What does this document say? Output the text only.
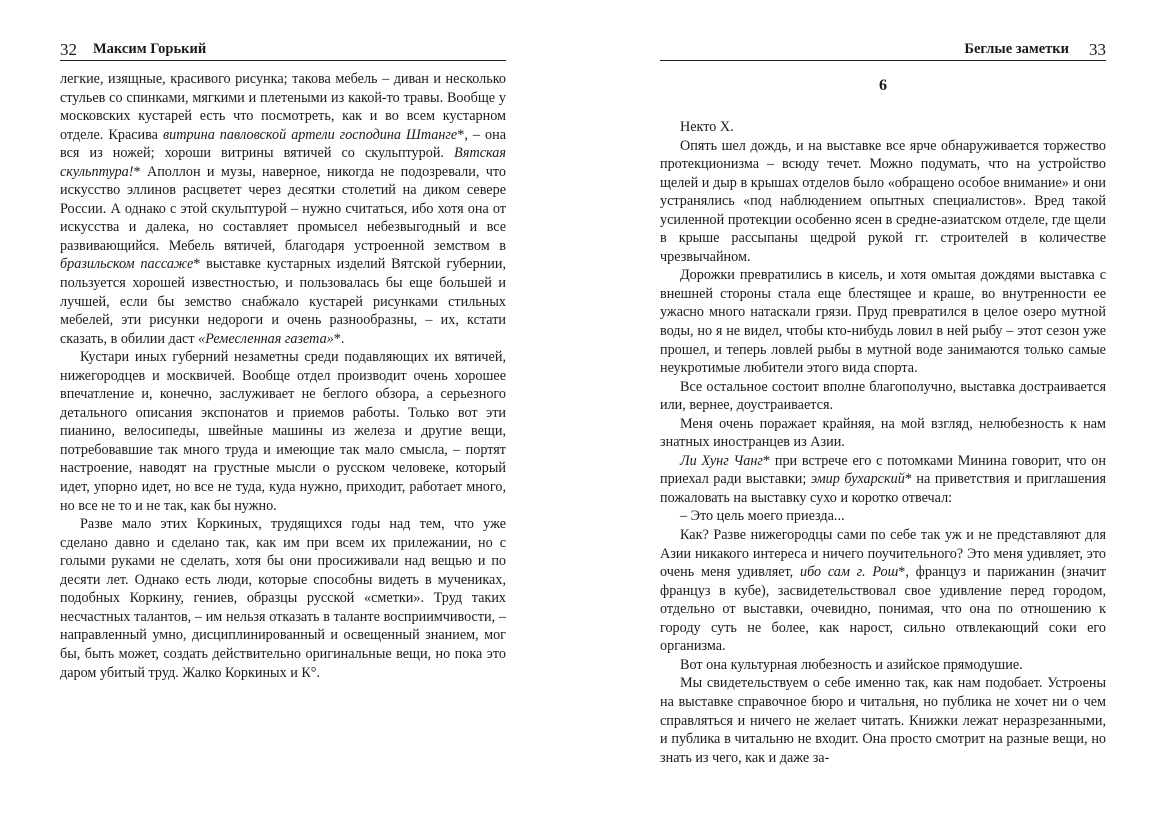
32 Максим Горький

легкие, изящные, красивого рисунка; такова мебель – диван и несколько стульев со спинками, мягкими и плетеными из какой-то травы. Вообще у московских кустарей есть что посмотреть, как и во всем кустарном отделе. Красива витрина павловской артели господина Штанге*, – она вся из ножей; хороши витрины вятичей со скульптурой. Вятская скульптура!* Аполлон и музы, наверное, никогда не подозревали, что искусство эллинов расцветет через десятки столетий на диком севере России. А однако с этой скульптурой – нужно считаться, ибо хотя она от искусства и далека, но составляет промысел небезвыгодный и все развивающийся. Мебель вятичей, благодаря устроенной земством в бразильском пассаже* выставке кустарных изделий Вятской губернии, пользуется хорошей известностью, и пользовалась бы еще большей и лучшей, если бы земство снабжало кустарей рисунками стильных мебелей, эти рисунки недороги и очень разнообразны, – их, кстати сказать, в обилии даст «Ремесленная газета»*.

Кустари иных губерний незаметны среди подавляющих их вятичей, нижегородцев и москвичей. Вообще отдел производит очень хорошее впечатление и, конечно, заслуживает не беглого обзора, а серьезного детального описания экспонатов и приемов работы. Только вот эти пианино, велосипеды, швейные машины из железа и другие вещи, потребовавшие так много труда и имеющие так мало смысла, – портят настроение, наводят на грустные мысли о русском человеке, который идет, упорно идет, но все не туда, куда нужно, приходит, работает много, но все не то и не так, как бы нужно.

Разве мало этих Коркиных, трудящихся годы над тем, что уже сделано давно и сделано так, как им при всем их прилежании, но с голыми руками не сделать, хотя бы они просиживали над вещью и по десяти лет. Однако есть люди, которые способны видеть в мучениках, подобных Коркину, гениев, образцы русской «сметки». Труд таких несчастных талантов, – им нельзя отказать в таланте восприимчивости, – направленный умно, дисциплинированный и освещенный знанием, мог бы, быть может, создать действительно оригинальные вещи, но пока это даром убитый труд. Жалко Коркиных и К°.

Беглые заметки 33
6

Некто X.

Опять шел дождь, и на выставке все ярче обнаруживается торжество протекционизма – всюду течет. Можно подумать, что на устройство щелей и дыр в крышах отделов было «обращено особое внимание» и они устранялись «под наблюдением опытных специалистов». Вред такой усиленной протекции особенно ясен в средне-азиатском отделе, где щели в крыше рассыпаны щедрой рукой гг. строителей в количестве чрезвычайном.

Дорожки превратились в кисель, и хотя омытая дождями выставка с внешней стороны стала еще блестящее и краше, во внутренности ее ужасно много натаскали грязи. Пруд превратился в целое озеро мутной воды, но я не видел, чтобы кто-нибудь ловил в ней рыбу – этот сезон уже прошел, и теперь ловлей рыбы в мутной воде занимаются только самые неукротимые любители этого вида спорта.

Все остальное состоит вполне благополучно, выставка достраивается или, вернее, доустраивается.

Меня очень поражает крайняя, на мой взгляд, нелюбезность к нам знатных иностранцев из Азии.

Ли Хунг Чанг* при встрече его с потомками Минина говорит, что он приехал ради выставки; эмир бухарский* на приветствия и приглашения пожаловать на выставку сухо и коротко отвечал:

– Это цель моего приезда...

Как? Разве нижегородцы сами по себе так уж и не представляют для Азии никакого интереса и ничего поучительного? Это меня удивляет, это очень меня удивляет, ибо сам г. Рош*, француз и парижанин (значит француз в кубе), засвидетельствовал свое удивление перед городом, отдельно от выставки, очевидно, понимая, что она по отношению к городу суть не более, как нарост, сильно отвлекающий соки его организма.

Вот она культурная любезность и азийское прямодушие.

Мы свидетельствуем о себе именно так, как нам подобает. Устроены на выставке справочное бюро и читальня, но публика не хочет ни о чем справляться и ничего не желает читать. Книжки лежат неразрезанными, и публика в читальню не входит. Она просто смотрит на разные вещи, но знать из чего, как и даже за-
